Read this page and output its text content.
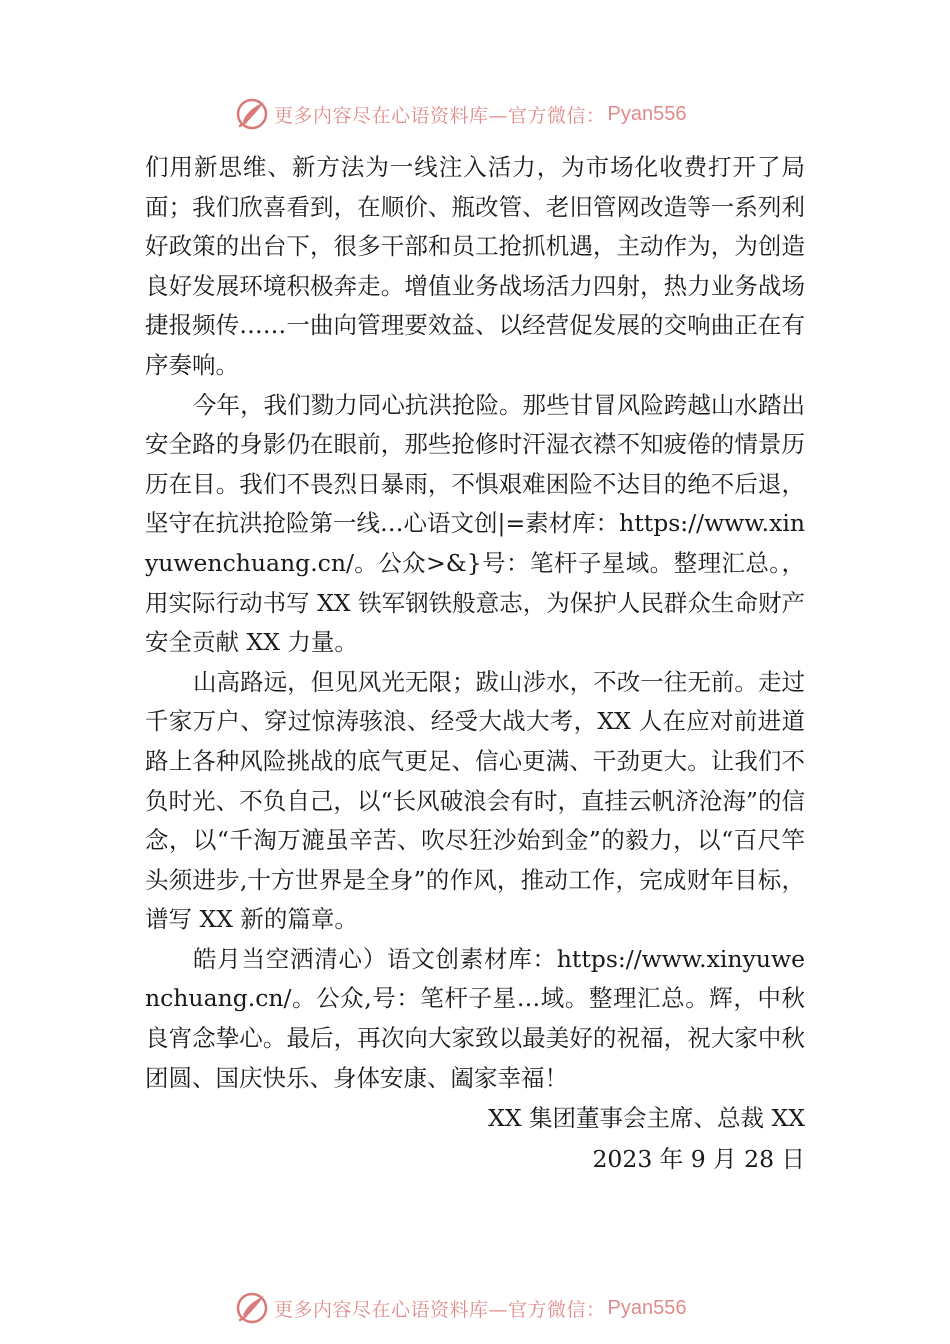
更多内容尽在心语资料库—官方微信： Pyan556

们用新思维、新方法为一线注入活力，为市场化收费打开了局面；我们欣喜看到，在顺价、瓶改管、老旧管网改造等一系列利好政策的出台下，很多干部和员工抢抓机遇，主动作为，为创造良好发展环境积极奔走。增值业务战场活力四射，热力业务战场捷报频传……一曲向管理要效益、以经营促发展的交响曲正在有序奏响。

今年，我们勠力同心抗洪抢险。那些甘冒风险跨越山水踏出安全路的身影仍在眼前，那些抢修时汗湿衣襟不知疲倦的情景历历在目。我们不畏烈日暴雨，不惧艰难困险不达目的绝不后退，坚守在抗洪抢险第一线…心语文创|=素材库：https://www.xinyuwenchuang.cn/。公众>&}号：笔杆子星域。整理汇总。，用实际行动书写 XX 铁军钢铁般意志，为保护人民群众生命财产安全贡献 XX 力量。

山高路远，但见风光无限；跋山涉水，不改一往无前。走过千家万户、穿过惊涛骇浪、经受大战大考，XX 人在应对前进道路上各种风险挑战的底气更足、信心更满、干劲更大。让我们不负时光、不负自己，以“长风破浪会有时，直挂云帆济沧海”的信念，以“千淘万漉虽辛苦、吹尽狂沙始到金”的毅力，以“百尺竿头须进步,十方世界是全身”的作风，推动工作，完成财年目标，谱写 XX 新的篇章。

皓月当空洒清心）语文创素材库：https://www.xinyuwenchuang.cn/。公众,号：笔杆子星…域。整理汇总。辉，中秋良宵念挚心。最后，再次向大家致以最美好的祝福，祝大家中秋团圆、国庆快乐、身体安康、阖家幸福！

XX 集团董事会主席、总裁 XX

2023 年 9 月 28 日

更多内容尽在心语资料库—官方微信： Pyan556
